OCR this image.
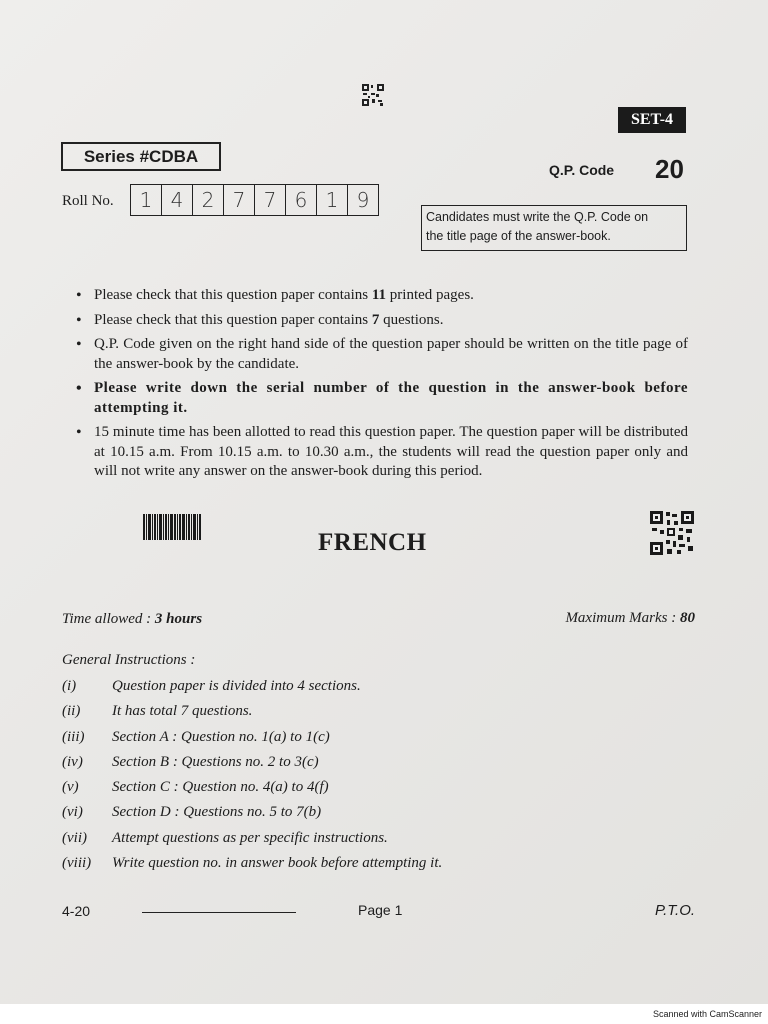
SET-4
Series #CDBA
Q.P. Code 20
Roll No.	1 4 2 7 7 6 1 9
Candidates must write the Q.P. Code on
the title page of the answer-book.
• Please check that this question paper contains 11 printed pages.
• Please check that this question paper contains 7 questions.
• Q.P. Code given on the right hand side of the question paper should be written on the title page of the answer-book by the candidate.
• Please write down the serial number of the question in the answer-book before attempting it.
• 15 minute time has been allotted to read this question paper. The question paper will be distributed at 10.15 a.m. From 10.15 a.m. to 10.30 a.m., the students will read the question paper only and will not write any answer on the answer-book during this period.
FRENCH
Time allowed : 3 hours	Maximum Marks : 80
General Instructions :
(i)	Question paper is divided into 4 sections.
(ii)	It has total 7 questions.
(iii)	Section A : Question no. 1(a) to 1(c)
(iv)	Section B : Questions no. 2 to 3(c)
(v)	Section C : Question no. 4(a) to 4(f)
(vi)	Section D : Questions no. 5 to 7(b)
(vii)	Attempt questions as per specific instructions.
(viii)	Write question no. in answer book before attempting it.
4-20	Page 1	P.T.O.
Scanned with CamScanner
